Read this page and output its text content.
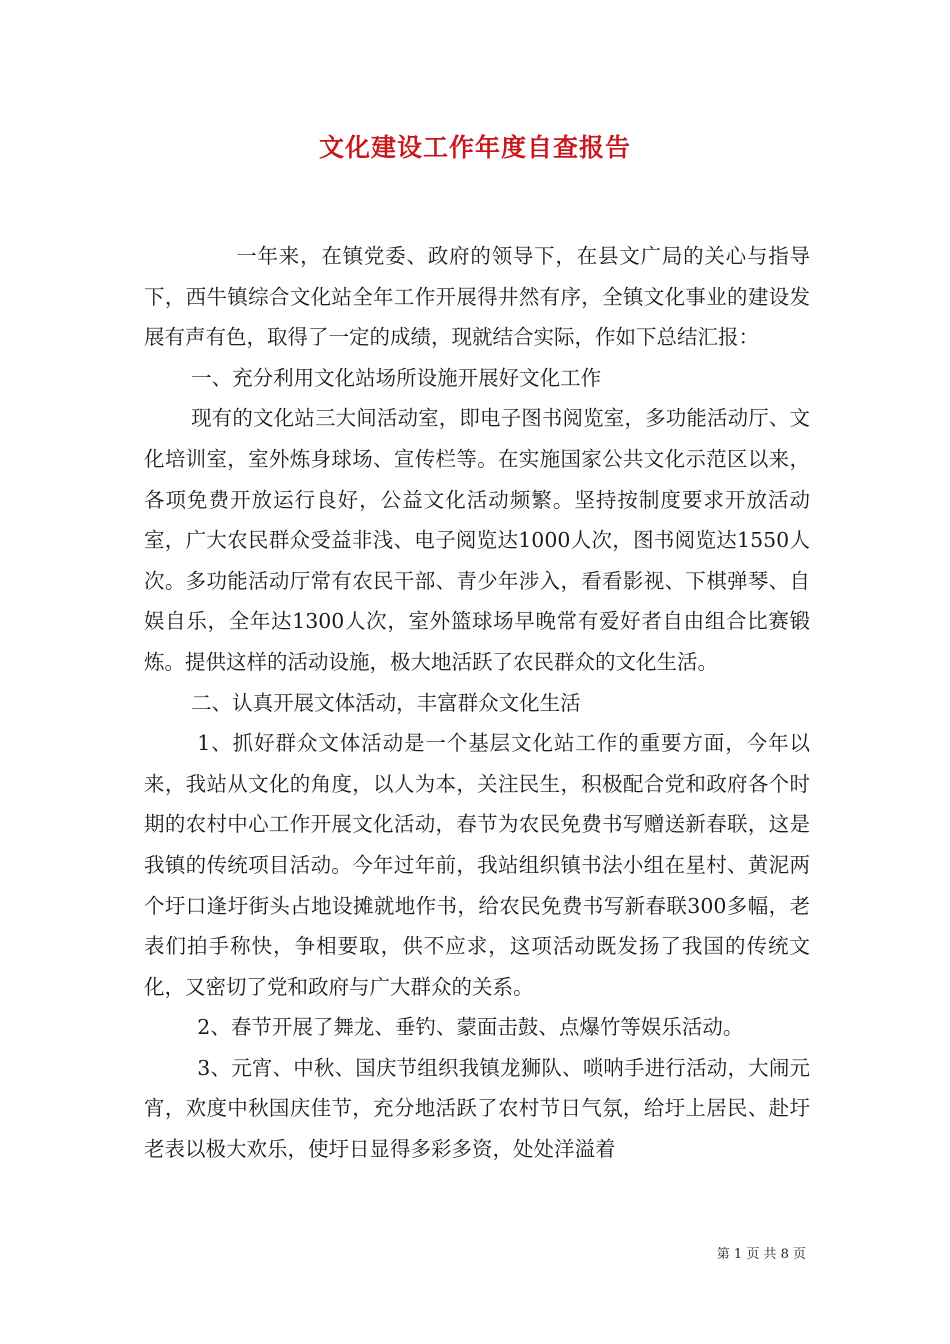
文化建设工作年度自查报告

一年来，在镇党委、政府的领导下，在县文广局的关心与指导下，西牛镇综合文化站全年工作开展得井然有序，全镇文化事业的建设发展有声有色，取得了一定的成绩，现就结合实际，作如下总结汇报：

一、充分利用文化站场所设施开展好文化工作

现有的文化站三大间活动室，即电子图书阅览室，多功能活动厅、文化培训室，室外炼身球场、宣传栏等。在实施国家公共文化示范区以来，各项免费开放运行良好，公益文化活动频繁。坚持按制度要求开放活动室，广大农民群众受益非浅、电子阅览达1000人次，图书阅览达1550人次。多功能活动厅常有农民干部、青少年涉入，看看影视、下棋弹琴、自娱自乐，全年达1300人次，室外篮球场早晚常有爱好者自由组合比赛锻炼。提供这样的活动设施，极大地活跃了农民群众的文化生活。

二、认真开展文体活动，丰富群众文化生活

1、抓好群众文体活动是一个基层文化站工作的重要方面，今年以来，我站从文化的角度，以人为本，关注民生，积极配合党和政府各个时期的农村中心工作开展文化活动，春节为农民免费书写赠送新春联，这是我镇的传统项目活动。今年过年前，我站组织镇书法小组在星村、黄泥两个圩口逢圩街头占地设摊就地作书，给农民免费书写新春联300多幅，老表们拍手称快，争相要取，供不应求，这项活动既发扬了我国的传统文化，又密切了党和政府与广大群众的关系。

2、春节开展了舞龙、垂钓、蒙面击鼓、点爆竹等娱乐活动。

3、元宵、中秋、国庆节组织我镇龙狮队、唢呐手进行活动，大闹元宵，欢度中秋国庆佳节，充分地活跃了农村节日气氛，给圩上居民、赴圩老表以极大欢乐，使圩日显得多彩多资，处处洋溢着

第 1 页 共 8 页
